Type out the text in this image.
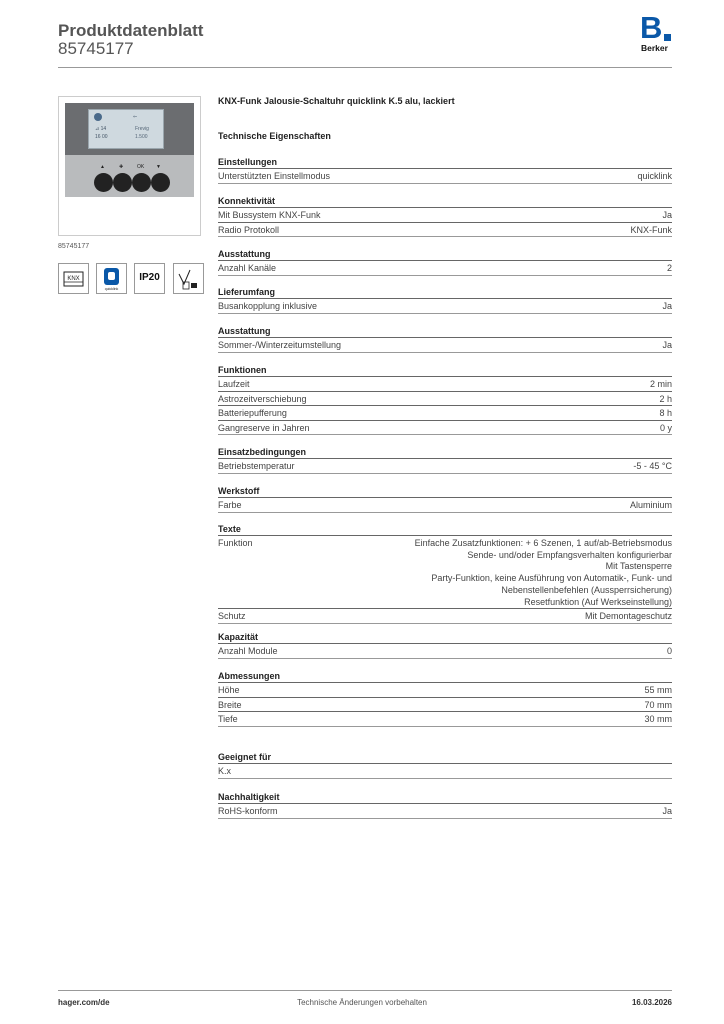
Produktdatenblatt
85745177
B
Berker
⊿ 14
16 00
⇐
Frevig
1.500
▲	✚	OK ▼
85745177
KNX
quicklink
IP20
KNX-Funk Jalousie-Schaltuhr quicklink K.5 alu, lackiert
Technische Eigenschaften
Einstellungen
Unterstützten Einstellmodus	quicklink
Konnektivität
Mit Bussystem KNX-Funk	Ja
Radio Protokoll	KNX-Funk
Ausstattung
Anzahl Kanäle	2
Lieferumfang
Busankopplung inklusive	Ja
Ausstattung
Sommer-/Winterzeitumstellung	Ja
Funktionen
Laufzeit	2 min
Astrozeitverschiebung	2 h
Batteriepufferung	8 h
Gangreserve in Jahren	0 y
Einsatzbedingungen
Betriebstemperatur	-5 - 45 °C
Werkstoff
Farbe	Aluminium
Texte
Funktion	Einfache Zusatzfunktionen: + 6 Szenen, 1 auf/ab-Betriebsmodus
Sende- und/oder Empfangsverhalten konfigurierbar
Mit Tastensperre
Party-Funktion, keine Ausführung von Automatik-, Funk- und
Nebenstellenbefehlen (Aussperrsicherung)
Resetfunktion (Auf Werkseinstellung)
Schutz	Mit Demontageschutz
Kapazität
Anzahl Module	0
Abmessungen
Höhe	55 mm
Breite	70 mm
Tiefe	30 mm
Geeignet für
K.x
Nachhaltigkeit
RoHS-konform	Ja
hager.com/de	Technische Änderungen vorbehalten	16.03.2026
